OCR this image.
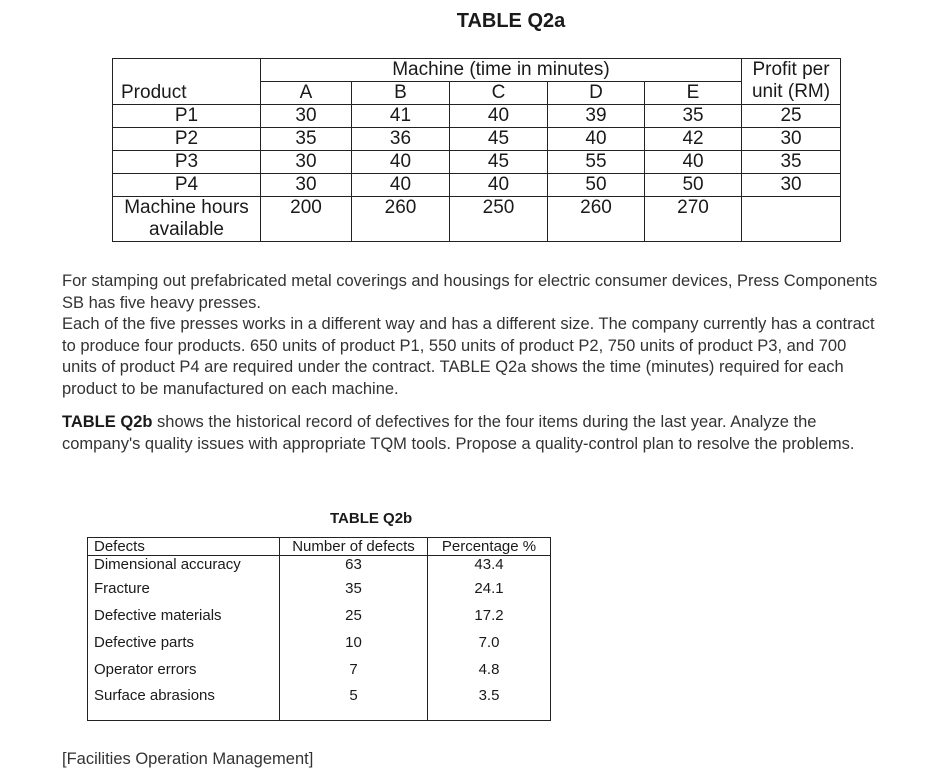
TABLE Q2a
	Machine (time in minutes)					Profit per
unit (RM)

Product	A	B	C	D	E	
P1	30	41	40	39	35	25
P2	35	36	45	40	42	30
P3	30	40	45	55	40	35
P4	30	40	40	50	50	30

Machine hours
available	200	260	250	260	270	
For stamping out prefabricated metal coverings and housings for electric consumer devices, Press Components SB has five heavy presses.
Each of the five presses works in a different way and has a different size. The company currently has a contract to produce four products. 650 units of product P1, 550 units of product P2, 750 units of product P3, and 700 units of product P4 are required under the contract. TABLE Q2a shows the time (minutes) required for each product to be manufactured on each machine.
TABLE Q2b shows the historical record of defectives for the four items during the last year. Analyze the company's quality issues with appropriate TQM tools. Propose a quality-control plan to resolve the problems.
TABLE Q2b
Defects	Number of defects	Percentage %
Dimensional accuracy	63	43.4
Fracture	35	24.1
Defective materials	25	17.2
Defective parts	10	7.0
Operator errors	7	4.8
Surface abrasions	5	3.5
[Facilities Operation Management]
